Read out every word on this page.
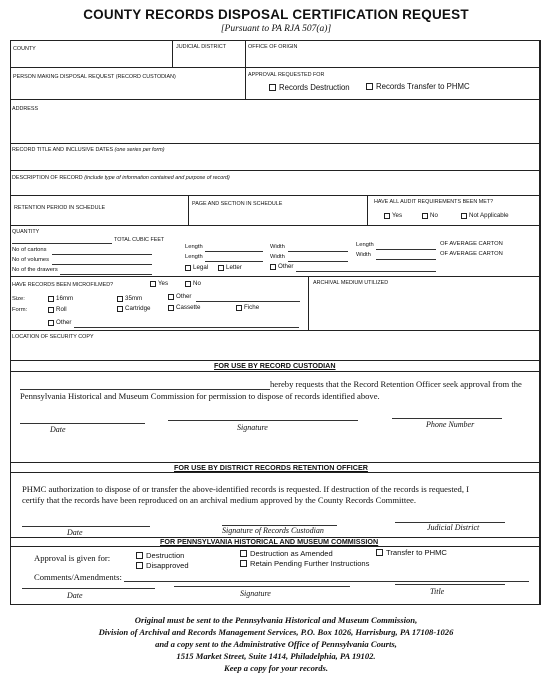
COUNTY RECORDS DISPOSAL CERTIFICATION REQUEST
[Pursuant to PA RJA 507(a)]
COUNTY	JUDICIAL DISTRICT	OFFICE OF ORIGIN
PERSON MAKING DISPOSAL REQUEST (RECORD CUSTODIAN)	APPROVAL REQUESTED FOR
Records Destruction	Records Transfer to PHMC
ADDRESS
RECORD TITLE AND INCLUSIVE DATES (one series per form)
DESCRIPTION OF RECORD (include type of information contained and purpose of record)
RETENTION PERIOD IN SCHEDULE
PAGE AND SECTION IN SCHEDULE	HAVE ALL AUDIT REQUIREMENTS BEEN MET?
Yes	No	Not Applicable
QUANTITY
TOTAL CUBIC FEET
No of cartons
No of volumes
No of the drawers
Length	Width	Length	OF AVERAGE CARTON
Length	Width	Width	OF AVERAGE CARTON
Legal	Letter	Other
HAVE RECORDS BEEN MICROFILMED?	Yes	No	ARCHIVAL MEDIUM UTILIZED
Size:	16mm	35mm	Other
Form:	Roll	Cartridge	Cassette	Fiche
Other
LOCATION OF SECURITY COPY
FOR USE BY RECORD CUSTODIAN
hereby requests that the Record Retention Officer seek approval from the
Pennsylvania Historical and Museum Commission for permission to dispose of records identified above.
Date	Signature	Phone Number
FOR USE BY DISTRICT RECORDS RETENTION OFFICER
PHMC authorization to dispose of or transfer the above-identified records is requested. If destruction of the records is requested, I
certify that the records have been reproduced on an archival medium approved by the County Records Committee.
Date	Signature of Records Custodian	Judicial District
FOR PENNSYLVANIA HISTORICAL AND MUSEUM COMMISSION
Approval is given for:	Destruction
Disapproved
Destruction as Amended
Retain Pending Further Instructions
Transfer to PHMC
Comments/Amendments:
Date	Signature	Title
Original must be sent to the Pennsylvania Historical and Museum Commission,
Division of Archival and Records Management Services, P.O. Box 1026, Harrisburg, PA 17108-1026
and a copy sent to the Administrative Office of Pennsylvania Courts,
1515 Market Street, Suite 1414, Philadelphia, PA 19102.
Keep a copy for your records.
